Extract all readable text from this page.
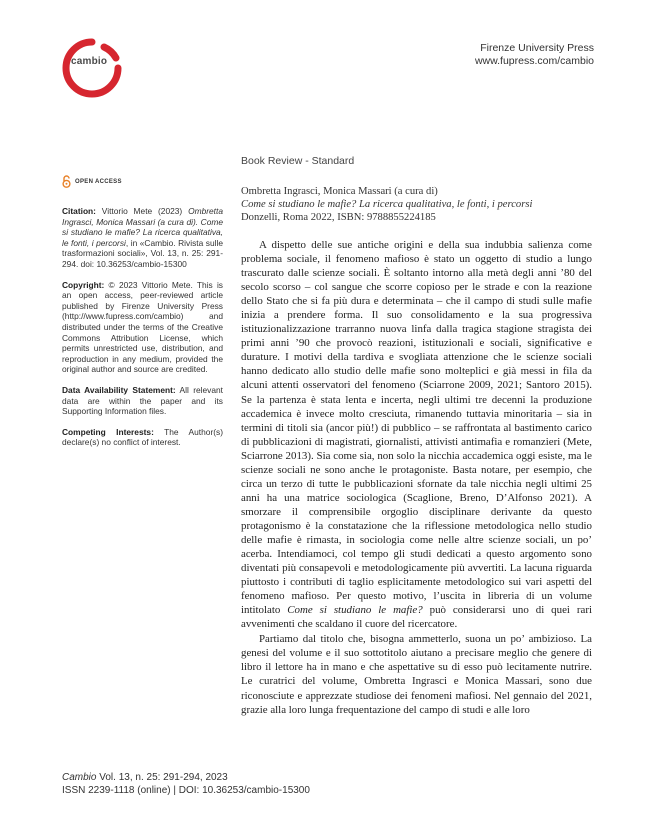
cambio
Firenze University Press
www.fupress.com/cambio
Book Review - Standard
OPEN ACCESS

Citation: Vittorio Mete (2023) Ombretta Ingrasci, Monica Massari (a cura di). Come si studiano le mafie? La ricerca qualitativa, le fonti, i percorsi, in «Cambio. Rivista sulle trasformazioni sociali», Vol. 13, n. 25: 291-294. doi: 10.36253/cambio-15300

Copyright: © 2023 Vittorio Mete. This is an open access, peer-reviewed article published by Firenze University Press (http://www.fupress.com/cambio) and distributed under the terms of the Creative Commons Attribution License, which permits unrestricted use, distribution, and reproduction in any medium, provided the original author and source are credited.

Data Availability Statement: All relevant data are within the paper and its Supporting Information files.

Competing Interests: The Author(s) declare(s) no conflict of interest.

Ombretta Ingrasci, Monica Massari (a cura di)
Come si studiano le mafie? La ricerca qualitativa, le fonti, i percorsi
Donzelli, Roma 2022, ISBN: 9788855224185

A dispetto delle sue antiche origini e della sua indubbia salienza come problema sociale, il fenomeno mafioso è stato un oggetto di studio a lungo trascurato dalle scienze sociali. È soltanto intorno alla metà degli anni ’80 del secolo scorso – col sangue che scorre copioso per le strade e con la reazione dello Stato che si fa più dura e determinata – che il campo di studi sulle mafie inizia a prendere forma. Il suo consolidamento e la sua progressiva istituzionalizzazione trarranno nuova linfa dalla tragica stagione stragista dei primi anni ’90 che provocò reazioni, istituzionali e sociali, significative e durature. I motivi della tardiva e svogliata attenzione che le scienze sociali hanno dedicato allo studio delle mafie sono molteplici e già messi in fila da alcuni attenti osservatori del fenomeno (Sciarrone 2009, 2021; Santoro 2015). Se la partenza è stata lenta e incerta, negli ultimi tre decenni la produzione accademica è invece molto cresciuta, rimanendo tuttavia minoritaria – sia in termini di titoli sia (ancor più!) di pubblico – se raffrontata al bastimento carico di pubblicazioni di magistrati, giornalisti, attivisti antimafia e romanzieri (Mete, Sciarrone 2013). Sia come sia, non solo la nicchia accademica oggi esiste, ma le scienze sociali ne sono anche le protagoniste. Basta notare, per esempio, che circa un terzo di tutte le pubblicazioni sfornate da tale nicchia negli ultimi 25 anni ha una matrice sociologica (Scaglione, Breno, D’Alfonso 2021). A smorzare il comprensibile orgoglio disciplinare derivante da questo protagonismo è la constatazione che la riflessione metodologica nello studio delle mafie è rimasta, in sociologia come nelle altre scienze sociali, un po’ acerba. Intendiamoci, col tempo gli studi dedicati a questo argomento sono diventati più consapevoli e metodologicamente più avvertiti. La lacuna riguarda piuttosto i contributi di taglio esplicitamente metodologico sui vari aspetti del fenomeno mafioso. Per questo motivo, l’uscita in libreria di un volume intitolato Come si studiano le mafie? può considerarsi uno di quei rari avvenimenti che scaldano il cuore del ricercatore.

Partiamo dal titolo che, bisogna ammetterlo, suona un po’ ambizioso. La genesi del volume e il suo sottotitolo aiutano a precisare meglio che genere di libro il lettore ha in mano e che aspettative su di esso può lecitamente nutrire. Le curatrici del volume, Ombretta Ingrasci e Monica Massari, sono due riconosciute e apprezzate studiose dei fenomeni mafiosi. Nel gennaio del 2021, grazie alla loro lunga frequentazione del campo di studi e alle loro

Cambio Vol. 13, n. 25: 291-294, 2023
ISSN 2239-1118 (online) | DOI: 10.36253/cambio-15300
